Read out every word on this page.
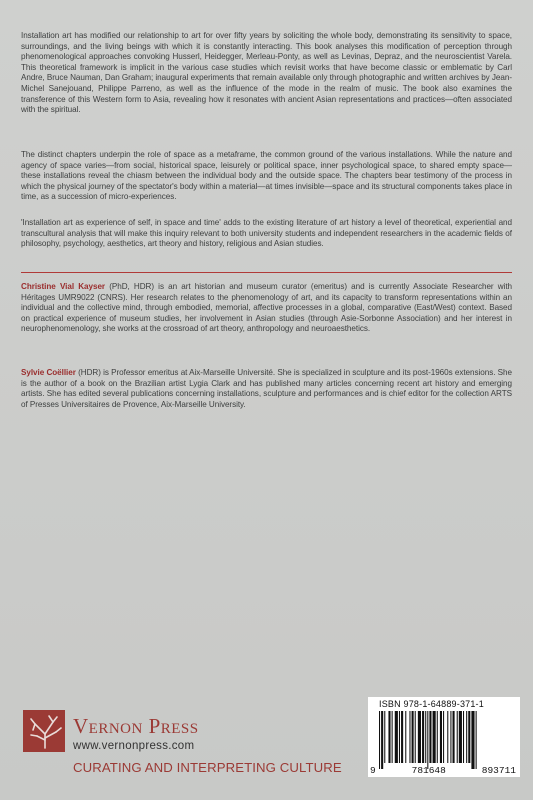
Installation art has modified our relationship to art for over fifty years by soliciting the whole body, demonstrating its sensitivity to space, surroundings, and the living beings with which it is constantly interacting. This book analyses this modification of perception through phenomenological approaches convoking Husserl, Heidegger, Merleau-Ponty, as well as Levinas, Depraz, and the neuroscientist Varela. This theoretical framework is implicit in the various case studies which revisit works that have become classic or emblematic by Carl Andre, Bruce Nauman, Dan Graham; inaugural experiments that remain available only through photographic and written archives by Jean-Michel Sanejouand, Philippe Parreno, as well as the influence of the mode in the realm of music. The book also examines the transference of this Western form to Asia, revealing how it resonates with ancient Asian representations and practices—often associated with the spiritual.

The distinct chapters underpin the role of space as a metaframe, the common ground of the various installations. While the nature and agency of space varies—from social, historical space, leisurely or political space, inner psychological space, to shared empty space—these installations reveal the chiasm between the individual body and the outside space. The chapters bear testimony of the process in which the physical journey of the spectator's body within a material—at times invisible—space and its structural components takes place in time, as a succession of micro-experiences.

'Installation art as experience of self, in space and time' adds to the existing literature of art history a level of theoretical, experiential and transcultural analysis that will make this inquiry relevant to both university students and independent researchers in the academic fields of philosophy, psychology, aesthetics, art theory and history, religious and Asian studies.

Christine Vial Kayser (PhD, HDR) is an art historian and museum curator (emeritus) and is currently Associate Researcher with Héritages UMR9022 (CNRS). Her research relates to the phenomenology of art, and its capacity to transform representations within an individual and the collective mind, through embodied, memorial, affective processes in a global, comparative (East/West) context. Based on practical experience of museum studies, her involvement in Asian studies (through Asie-Sorbonne Association) and her interest in neurophenomenology, she works at the crossroad of art theory, anthropology and neuroaesthetics.

Sylvie Coëllier (HDR) is Professor emeritus at Aix-Marseille Université. She is specialized in sculpture and its post-1960s extensions. She is the author of a book on the Brazilian artist Lygia Clark and has published many articles concerning recent art history and emerging artists. She has edited several publications concerning installations, sculpture and performances and is chief editor for the collection ARTS of Presses Universitaires de Provence, Aix-Marseille University.

Vernon Press
www.vernonpress.com
CURATING AND INTERPRETING CULTURE
ISBN 978-1-64889-371-1
9	781648	893711
